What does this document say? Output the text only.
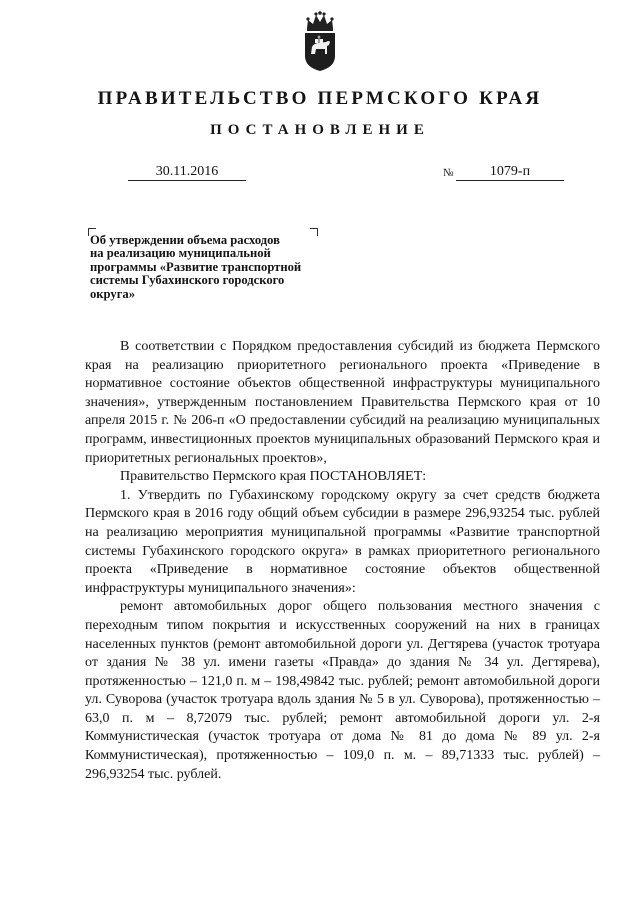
ПРАВИТЕЛЬСТВО ПЕРМСКОГО КРАЯ
ПОСТАНОВЛЕНИЕ
30.11.2016	№	1079-п
Об утверждении объема расходов
на реализацию муниципальной
программы «Развитие транспортной
системы Губахинского городского
округа»

В соответствии с Порядком предоставления субсидий из бюджета Пермского края на реализацию приоритетного регионального проекта «Приведение в нормативное состояние объектов общественной инфраструктуры муниципального значения», утвержденным постановлением Правительства Пермского края от 10 апреля 2015 г. № 206-п «О предоставлении субсидий на реализацию муниципальных программ, инвестиционных проектов муниципальных образований Пермского края и приоритетных региональных проектов»,

Правительство Пермского края ПОСТАНОВЛЯЕТ:

1. Утвердить по Губахинскому городскому округу за счет средств бюджета Пермского края в 2016 году общий объем субсидии в размере 296,93254 тыс. рублей на реализацию мероприятия муниципальной программы «Развитие транспортной системы Губахинского городского округа» в рамках приоритетного регионального проекта «Приведение в нормативное состояние объектов общественной инфраструктуры муниципального значения»:

ремонт автомобильных дорог общего пользования местного значения с переходным типом покрытия и искусственных сооружений на них в границах населенных пунктов (ремонт автомобильной дороги ул. Дегтярева (участок тротуара от здания № 38 ул. имени газеты «Правда» до здания № 34 ул. Дегтярева), протяженностью – 121,0 п. м – 198,49842 тыс. рублей; ремонт автомобильной дороги ул. Суворова (участок тротуара вдоль здания № 5 в ул. Суворова), протяженностью – 63,0 п. м – 8,72079 тыс. рублей; ремонт автомобильной дороги ул. 2-я Коммунистическая (участок тротуара от дома № 81 до дома № 89 ул. 2-я Коммунистическая), протяженностью – 109,0 п. м. – 89,71333 тыс. рублей) – 296,93254 тыс. рублей.
